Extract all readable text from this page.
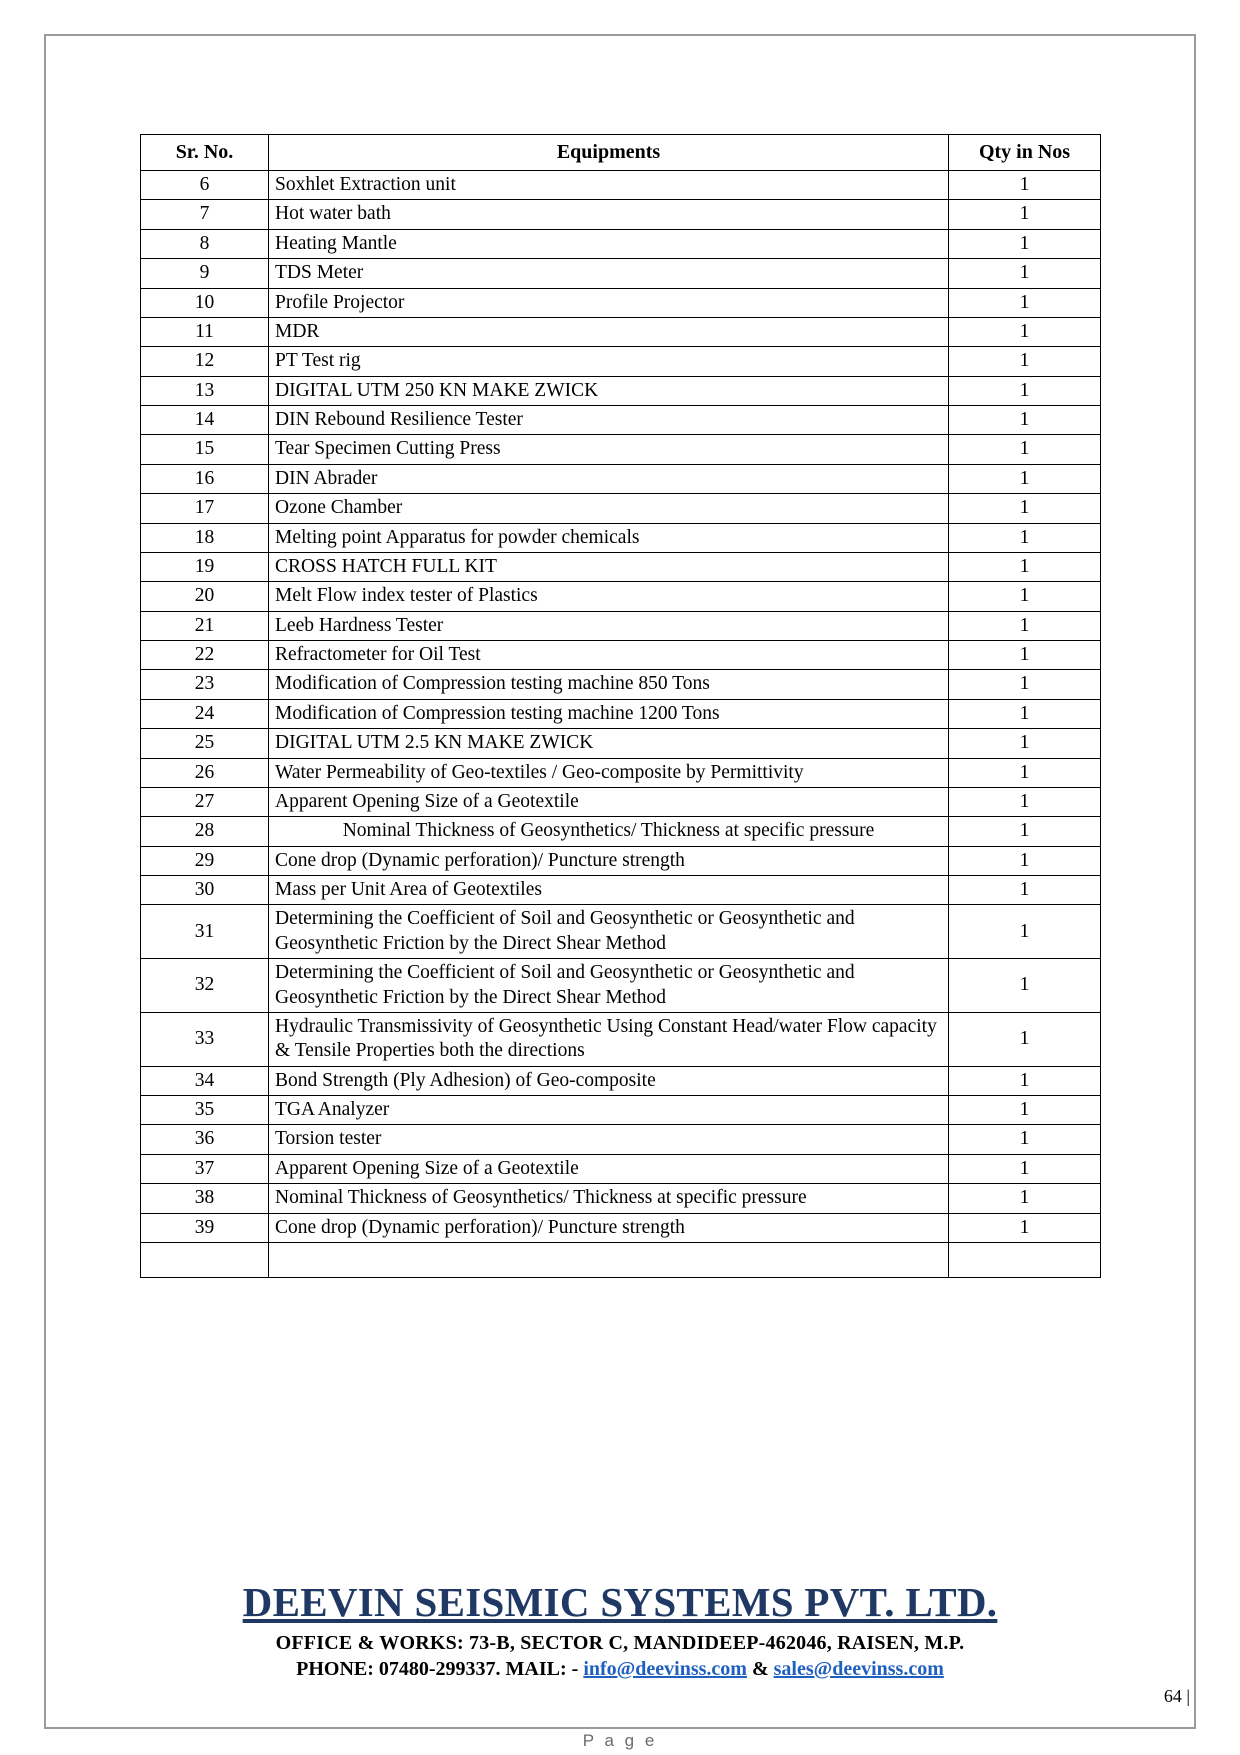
Sr. No.	Equipments	Qty in Nos
6	Soxhlet Extraction unit	1
7	Hot water bath	1
8	Heating Mantle	1
9	TDS Meter	1
10	Profile Projector	1
11	MDR	1
12	PT Test rig	1
13	DIGITAL UTM 250 KN MAKE ZWICK	1
14	DIN Rebound Resilience Tester	1
15	Tear Specimen Cutting Press	1
16	DIN Abrader	1
17	Ozone Chamber	1
18	Melting point Apparatus for powder chemicals	1
19	CROSS HATCH FULL KIT	1
20	Melt Flow index tester of Plastics	1
21	Leeb Hardness Tester	1
22	Refractometer for Oil Test	1
23	Modification of Compression testing machine 850 Tons	1
24	Modification of Compression testing machine 1200 Tons	1
25	DIGITAL UTM 2.5 KN MAKE ZWICK	1
26	Water Permeability of Geo-textiles / Geo-composite by Permittivity	1
27	Apparent Opening Size of a Geotextile	1
28	Nominal Thickness of Geosynthetics/ Thickness at specific pressure	1
29	Cone drop (Dynamic perforation)/ Puncture strength	1
30	Mass per Unit Area of Geotextiles	1
31	Determining the Coefficient of Soil and Geosynthetic or Geosynthetic and Geosynthetic Friction by the Direct Shear Method	1
32	Determining the Coefficient of Soil and Geosynthetic or Geosynthetic and Geosynthetic Friction by the Direct Shear Method	1
33	Hydraulic Transmissivity of Geosynthetic Using Constant Head/water Flow capacity & Tensile Properties both the directions	1
34	Bond Strength (Ply Adhesion) of Geo-composite	1
35	TGA Analyzer	1
36	Torsion tester	1
37	Apparent Opening Size of a Geotextile	1
38	Nominal Thickness of Geosynthetics/ Thickness at specific pressure	1
39	Cone drop (Dynamic perforation)/ Puncture strength	1

DEEVIN SEISMIC SYSTEMS PVT. LTD.
OFFICE & WORKS: 73-B, SECTOR C, MANDIDEEP-462046, RAISEN, M.P.
PHONE: 07480-299337. MAIL: - info@deevinss.com & sales@deevinss.com
64 |
P a g e
